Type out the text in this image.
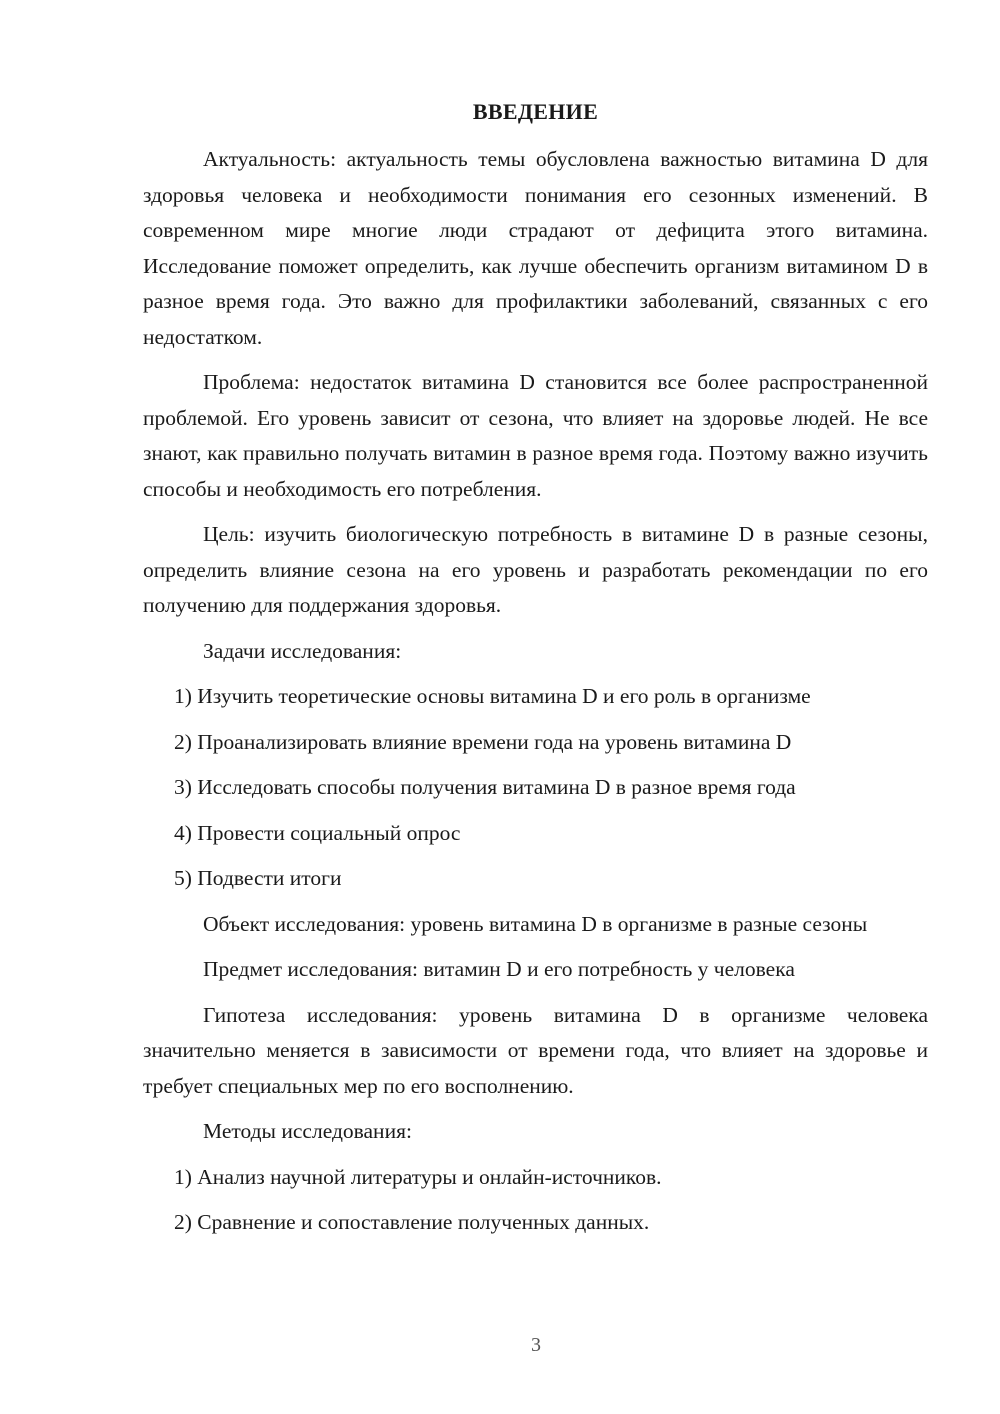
ВВЕДЕНИЕ

Актуальность: актуальность темы обусловлена важностью витамина D для здоровья человека и необходимости понимания его сезонных изменений. В современном мире многие люди страдают от дефицита этого витамина. Исследование поможет определить, как лучше обеспечить организм витамином D в разное время года. Это важно для профилактики заболеваний, связанных с его недостатком.

Проблема: недостаток витамина D становится все более распространенной проблемой. Его уровень зависит от сезона, что влияет на здоровье людей. Не все знают, как правильно получать витамин в разное время года. Поэтому важно изучить способы и необходимость его потребления.

Цель: изучить биологическую потребность в витамине D в разные сезоны, определить влияние сезона на его уровень и разработать рекомендации по его получению для поддержания здоровья.

Задачи исследования:

1) Изучить теоретические основы витамина D и его роль в организме

2) Проанализировать влияние времени года на уровень витамина D

3) Исследовать способы получения витамина D в разное время года

4) Провести социальный опрос

5) Подвести итоги

Объект исследования: уровень витамина D в организме в разные сезоны

Предмет исследования: витамин D и его потребность у человека

Гипотеза исследования: уровень витамина D в организме человека значительно меняется в зависимости от времени года, что влияет на здоровье и требует специальных мер по его восполнению.

Методы исследования:

1) Анализ научной литературы и онлайн-источников.

2) Сравнение и сопоставление полученных данных.

3
